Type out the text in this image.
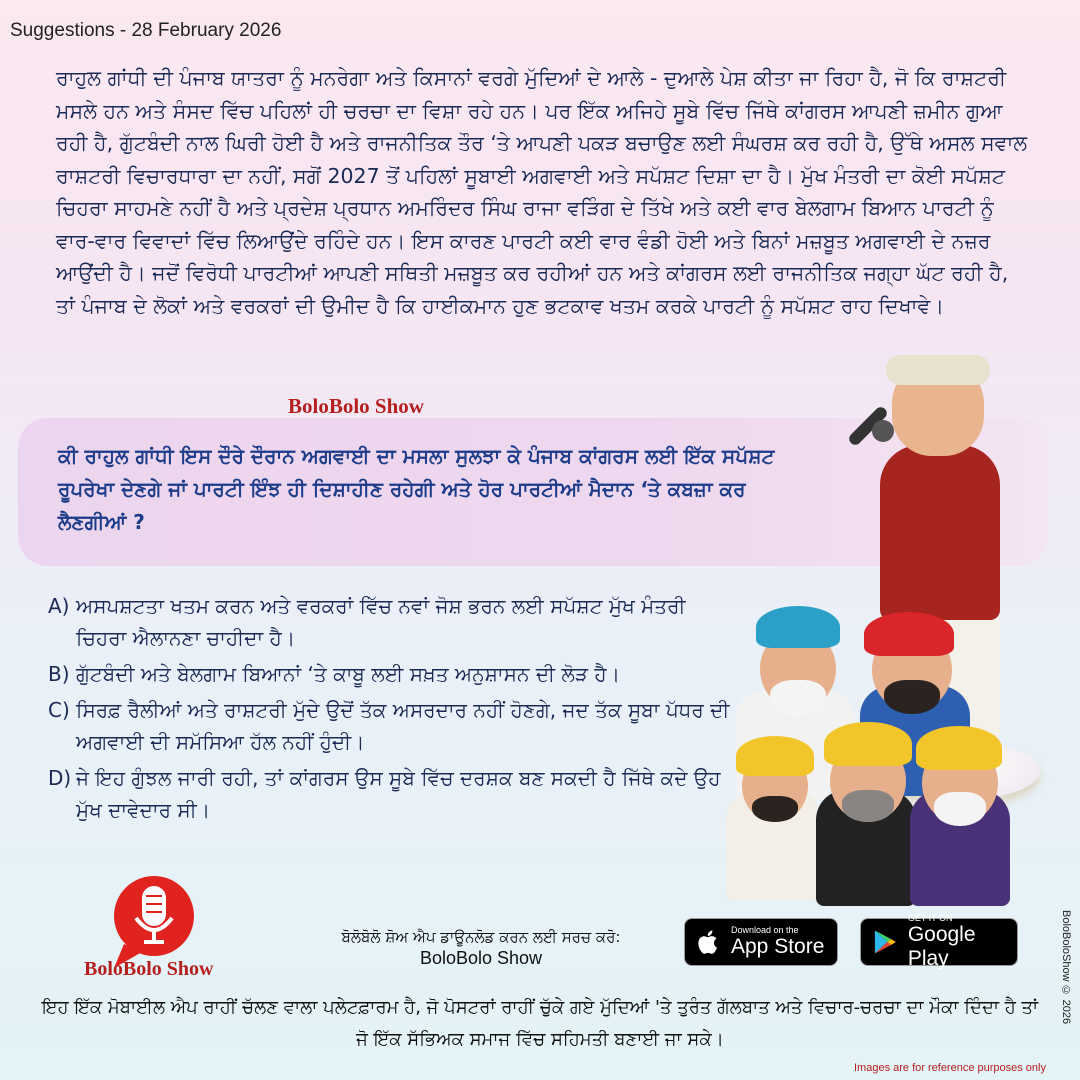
Suggestions - 28 February 2026
ਰਾਹੁਲ ਗਾਂਧੀ ਦੀ ਪੰਜਾਬ ਯਾਤਰਾ ਨੂੰ ਮਨਰੇਗਾ ਅਤੇ ਕਿਸਾਨਾਂ ਵਰਗੇ ਮੁੱਦਿਆਂ ਦੇ ਆਲੇ - ਦੁਆਲੇ ਪੇਸ਼ ਕੀਤਾ ਜਾ ਰਿਹਾ ਹੈ, ਜੋ ਕਿ ਰਾਸ਼ਟਰੀ ਮਸਲੇ ਹਨ ਅਤੇ ਸੰਸਦ ਵਿੱਚ ਪਹਿਲਾਂ ਹੀ ਚਰਚਾ ਦਾ ਵਿਸ਼ਾ ਰਹੇ ਹਨ। ਪਰ ਇੱਕ ਅਜਿਹੇ ਸੂਬੇ ਵਿੱਚ ਜਿੱਥੇ ਕਾਂਗਰਸ ਆਪਣੀ ਜ਼ਮੀਨ ਗੁਆ ਰਹੀ ਹੈ, ਗੁੱਟਬੰਦੀ ਨਾਲ ਘਿਰੀ ਹੋਈ ਹੈ ਅਤੇ ਰਾਜਨੀਤਿਕ ਤੌਰ ‘ਤੇ ਆਪਣੀ ਪਕੜ ਬਚਾਉਣ ਲਈ ਸੰਘਰਸ਼ ਕਰ ਰਹੀ ਹੈ, ਉੱਥੇ ਅਸਲ ਸਵਾਲ ਰਾਸ਼ਟਰੀ ਵਿਚਾਰਧਾਰਾ ਦਾ ਨਹੀਂ, ਸਗੋਂ 2027 ਤੋਂ ਪਹਿਲਾਂ ਸੂਬਾਈ ਅਗਵਾਈ ਅਤੇ ਸਪੱਸ਼ਟ ਦਿਸ਼ਾ ਦਾ ਹੈ। ਮੁੱਖ ਮੰਤਰੀ ਦਾ ਕੋਈ ਸਪੱਸ਼ਟ ਚਿਹਰਾ ਸਾਹਮਣੇ ਨਹੀਂ ਹੈ ਅਤੇ ਪ੍ਰਦੇਸ਼ ਪ੍ਰਧਾਨ ਅਮਰਿੰਦਰ ਸਿੰਘ ਰਾਜਾ ਵੜਿੰਗ ਦੇ ਤਿੱਖੇ ਅਤੇ ਕਈ ਵਾਰ ਬੇਲਗਾਮ ਬਿਆਨ ਪਾਰਟੀ ਨੂੰ ਵਾਰ-ਵਾਰ ਵਿਵਾਦਾਂ ਵਿੱਚ ਲਿਆਉਂਦੇ ਰਹਿੰਦੇ ਹਨ। ਇਸ ਕਾਰਣ ਪਾਰਟੀ ਕਈ ਵਾਰ ਵੰਡੀ ਹੋਈ ਅਤੇ ਬਿਨਾਂ ਮਜ਼ਬੂਤ ਅਗਵਾਈ ਦੇ ਨਜ਼ਰ ਆਉਂਦੀ ਹੈ। ਜਦੋਂ ਵਿਰੋਧੀ ਪਾਰਟੀਆਂ ਆਪਣੀ ਸਥਿਤੀ ਮਜ਼ਬੂਤ ਕਰ ਰਹੀਆਂ ਹਨ ਅਤੇ ਕਾਂਗਰਸ ਲਈ ਰਾਜਨੀਤਿਕ ਜਗ੍ਹਾ ਘੱਟ ਰਹੀ ਹੈ, ਤਾਂ ਪੰਜਾਬ ਦੇ ਲੋਕਾਂ ਅਤੇ ਵਰਕਰਾਂ ਦੀ ਉਮੀਦ ਹੈ ਕਿ ਹਾਈਕਮਾਨ ਹੁਣ ਭਟਕਾਵ ਖਤਮ ਕਰਕੇ ਪਾਰਟੀ ਨੂੰ ਸਪੱਸ਼ਟ ਰਾਹ ਦਿਖਾਵੇ।
BoloBolo Show
ਕੀ ਰਾਹੁਲ ਗਾਂਧੀ ਇਸ ਦੌਰੇ ਦੌਰਾਨ ਅਗਵਾਈ ਦਾ ਮਸਲਾ ਸੁਲਝਾ ਕੇ ਪੰਜਾਬ ਕਾਂਗਰਸ ਲਈ ਇੱਕ ਸਪੱਸ਼ਟ ਰੂਪਰੇਖਾ ਦੇਣਗੇ ਜਾਂ ਪਾਰਟੀ ਇੰਝ ਹੀ ਦਿਸ਼ਾਹੀਣ ਰਹੇਗੀ ਅਤੇ ਹੋਰ ਪਾਰਟੀਆਂ ਮੈਦਾਨ ‘ਤੇ ਕਬਜ਼ਾ ਕਰ ਲੈਣਗੀਆਂ ?
A) ਅਸਪਸ਼ਟਤਾ ਖਤਮ ਕਰਨ ਅਤੇ ਵਰਕਰਾਂ ਵਿੱਚ ਨਵਾਂ ਜੋਸ਼ ਭਰਨ ਲਈ ਸਪੱਸ਼ਟ ਮੁੱਖ ਮੰਤਰੀ ਚਿਹਰਾ ਐਲਾਨਣਾ ਚਾਹੀਦਾ ਹੈ।
B) ਗੁੱਟਬੰਦੀ ਅਤੇ ਬੇਲਗਾਮ ਬਿਆਨਾਂ ‘ਤੇ ਕਾਬੂ ਲਈ ਸਖ਼ਤ ਅਨੁਸ਼ਾਸਨ ਦੀ ਲੋੜ ਹੈ।
C) ਸਿਰਫ਼ ਰੈਲੀਆਂ ਅਤੇ ਰਾਸ਼ਟਰੀ ਮੁੱਦੇ ਉਦੋਂ ਤੱਕ ਅਸਰਦਾਰ ਨਹੀਂ ਹੋਣਗੇ, ਜਦ ਤੱਕ ਸੂਬਾ ਪੱਧਰ ਦੀ ਅਗਵਾਈ ਦੀ ਸਮੱਸਿਆ ਹੱਲ ਨਹੀਂ ਹੁੰਦੀ।
D) ਜੇ ਇਹ ਗੁੰਝਲ ਜਾਰੀ ਰਹੀ, ਤਾਂ ਕਾਂਗਰਸ ਉਸ ਸੂਬੇ ਵਿੱਚ ਦਰਸ਼ਕ ਬਣ ਸਕਦੀ ਹੈ ਜਿੱਥੇ ਕਦੇ ਉਹ ਮੁੱਖ ਦਾਵੇਦਾਰ ਸੀ।
BoloBolo Show
ਬੋਲੋਬੋਲੋ ਸ਼ੋਅ ਐਪ ਡਾਊਨਲੋਡ ਕਰਨ ਲਈ ਸਰਚ ਕਰੋ:
BoloBolo Show
Download on the
App Store
GET IT ON
Google Play
ਇਹ ਇੱਕ ਮੋਬਾਈਲ ਐਪ ਰਾਹੀਂ ਚੱਲਣ ਵਾਲਾ ਪਲੇਟਫ਼ਾਰਮ ਹੈ, ਜੋ ਪੋਸਟਰਾਂ ਰਾਹੀਂ ਚੁੱਕੇ ਗਏ ਮੁੱਦਿਆਂ 'ਤੇ ਤੁਰੰਤ ਗੱਲਬਾਤ ਅਤੇ ਵਿਚਾਰ-ਚਰਚਾ ਦਾ ਮੌਕਾ ਦਿੰਦਾ ਹੈ ਤਾਂ ਜੋ ਇੱਕ ਸੱਭਿਅਕ ਸਮਾਜ ਵਿੱਚ ਸਹਿਮਤੀ ਬਣਾਈ ਜਾ ਸਕੇ।
BoloBoloShow © 2026
Images are for reference purposes only
